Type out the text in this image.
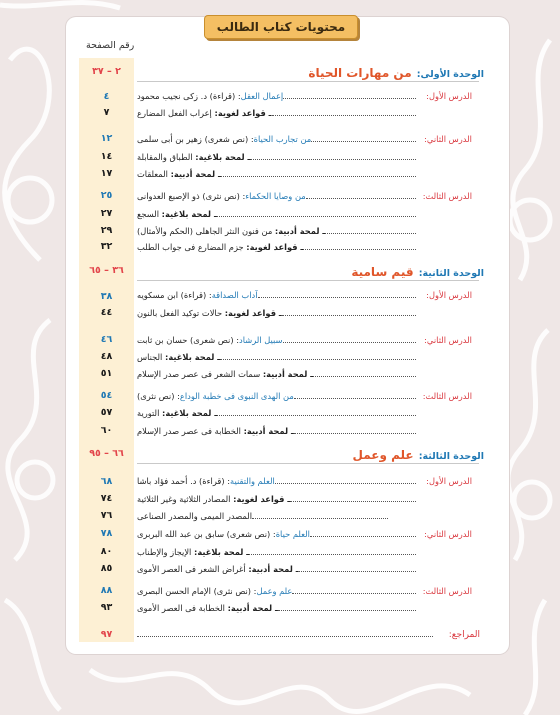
محتويات كتاب الطالب
رقم الصفحة
٢ – ٣٧	الوحدة الأولى: من مهارات الحياة
الدرس الأول:
٤	إعمال العقل: (قراءة) د. زكى نجيب محمود
٧	ـ قواعد لغوية: إعراب الفعل المضارع
الدرس الثاني:
١٢	من تجارب الحياة: (نص شعرى) زهير بن أبى سلمى
١٤	ـ لمحة بلاغية: الطباق والمقابلة
١٧	ـ لمحة أدبية: المعلقات
الدرس الثالث:
٢٥	من وصايا الحكماء: (نص نثرى) ذو الإصبع العدوانى
٢٧	ـ لمحة بلاغية: السجع
٢٩	ـ لمحة أدبية: من فنون النثر الجاهلى (الحكم والأمثال)
٣٢	ـ قواعد لغوية: جزم المضارع فى جواب الطلب
٣٦ – ٦٥	الوحدة الثانية: قيم سامية
الدرس الأول:
٣٨	آداب الصداقة: (قراءة) ابن مسكويه
٤٤	ـ قواعد لغوية: حالات توكيد الفعل بالنون
الدرس الثاني:
٤٦	سبيل الرشاد: (نص شعرى) حسان بن ثابت
٤٨	ـ لمحة بلاغية: الجناس
٥١	ـ لمحة أدبية: سمات الشعر فى عصر صدر الإسلام
الدرس الثالث:
٥٤	من الهدى النبوى فى خطبة الوداع: (نص نثرى)
٥٧	ـ لمحة بلاغية: التورية
٦٠	ـ لمحة أدبية: الخطابة فى عصر صدر الإسلام
٦٦ – ٩٥	الوحدة الثالثة: علم وعمل
الدرس الأول:
٦٨	العلم والتقنية: (قراءة) د. أحمد فؤاد باشا
٧٤	ـ قواعد لغوية: المصادر الثلاثية وغير الثلاثية
٧٦	المصدر الميمى والمصدر الصناعى
الدرس الثاني:
٧٨	العلم حياة: (نص شعرى) سابق بن عبد الله البربرى
٨٠	ـ لمحة بلاغية: الإيجاز والإطناب
٨٥	ـ لمحة أدبية: أغراض الشعر فى العصر الأموى
الدرس الثالث:
٨٨	علم وعمل: (نص نثرى) الإمام الحسن البصرى
٩٣	ـ لمحة أدبية: الخطابة فى العصر الأموى
٩٧	المراجع:
